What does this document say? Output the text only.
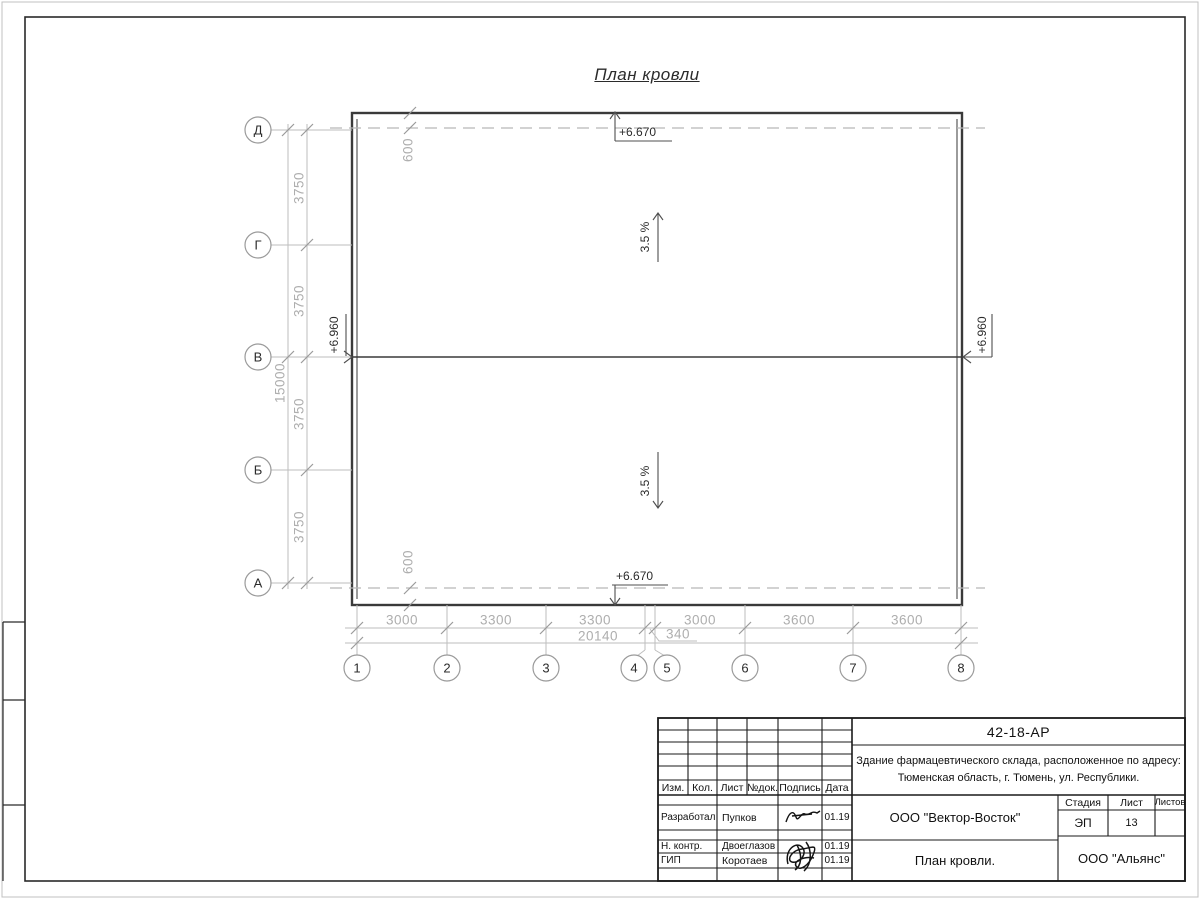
План кровли
Д
Г
В
Б
А
1	2	3	4 5	6	7	8
3750
3750
3750
3750
15000
3000	3300	3300
340
3000	3600	3600
20140
600
600
+6.670
+6.670
+6.960	+6.960
3.5 %
3.5 %
Изм. Кол. Лист №док. Подпись Дата
Разработал Пупков	01.19
Н. контр.	Двоеглазов	01.19
ГИП	Коротаев	01.19
42-18-АР
Здание фармацевтического склада, расположенное по адресу:
Тюменская область, г. Тюмень, ул. Республики.
ООО "Вектор-Восток"
План кровли.
Стадия	Лист	Листов
ЭП	13
ООО "Альянс"
